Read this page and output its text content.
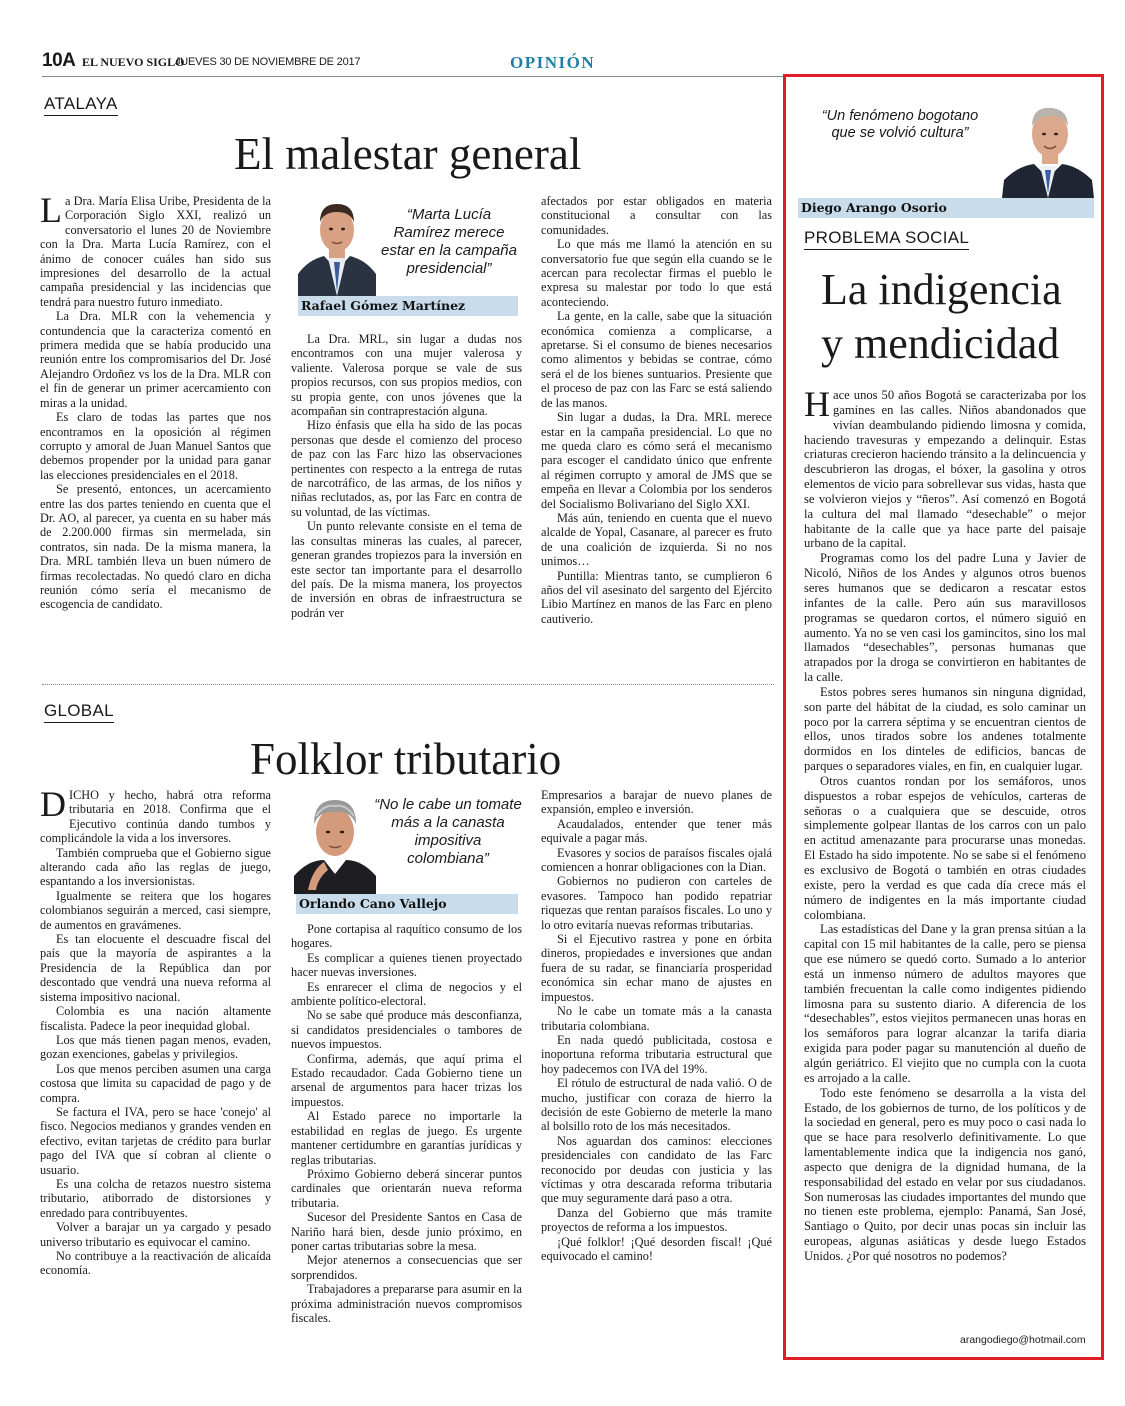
10A EL NUEVO SIGLO
JUEVES 30 DE NOVIEMBRE DE 2017	OPINIÓN
ATALAYA
El malestar general

La Dra. María Elisa Uribe, Presidenta de la Corporación Siglo XXI, realizó un conversatorio el lunes 20 de Noviembre con la Dra. Marta Lucía Ramírez, con el ánimo de conocer cuáles han sido sus impresiones del desarrollo de la actual campaña presidencial y las incidencias que tendrá para nuestro futuro inmediato.

La Dra. MLR con la vehemencia y contundencia que la caracteriza comentó en primera medida que se había producido una reunión entre los compromisarios del Dr. José Alejandro Ordoñez vs los de la Dra. MLR con el fin de generar un primer acercamiento con miras a la unidad.

Es claro de todas las partes que nos encontramos en la oposición al régimen corrupto y amoral de Juan Manuel Santos que debemos propender por la unidad para ganar las elecciones presidenciales en el 2018.

Se presentó, entonces, un acercamiento entre las dos partes teniendo en cuenta que el Dr. AO, al parecer, ya cuenta en su haber más de 2.200.000 firmas sin mermelada, sin contratos, sin nada. De la misma manera, la Dra. MRL también lleva un buen número de firmas recolectadas. No quedó claro en dicha reunión cómo sería el mecanismo de escogencia de candidato.

“Marta Lucía Ramírez merece estar en la campaña presidencial”
Rafael Gómez Martínez

La Dra. MRL, sin lugar a dudas nos encontramos con una mujer valerosa y valiente. Valerosa porque se vale de sus propios recursos, con sus propios medios, con su propia gente, con unos jóvenes que la acompañan sin contraprestación alguna.

Hizo énfasis que ella ha sido de las pocas personas que desde el comienzo del proceso de paz con las Farc hizo las observaciones pertinentes con respecto a la entrega de rutas de narcotráfico, de las armas, de los niños y niñas reclutados, as, por las Farc en contra de su voluntad, de las víctimas.

Un punto relevante consiste en el tema de las consultas mineras las cuales, al parecer, generan grandes tropiezos para la inversión en este sector tan importante para el desarrollo del país. De la misma manera, los proyectos de inversión en obras de infraestructura se podrán ver

afectados por estar obligados en materia constitucional a consultar con las comunidades.

Lo que más me llamó la atención en su conversatorio fue que según ella cuando se le acercan para recolectar firmas el pueblo le expresa su malestar por todo lo que está aconteciendo.

La gente, en la calle, sabe que la situación económica comienza a complicarse, a apretarse. Si el consumo de bienes necesarios como alimentos y bebidas se contrae, cómo será el de los bienes suntuarios. Presiente que el proceso de paz con las Farc se está saliendo de las manos.

Sin lugar a dudas, la Dra. MRL merece estar en la campaña presidencial. Lo que no me queda claro es cómo será el mecanismo para escoger el candidato único que enfrente al régimen corrupto y amoral de JMS que se empeña en llevar a Colombia por los senderos del Socialismo Bolivariano del Siglo XXI.

Más aún, teniendo en cuenta que el nuevo alcalde de Yopal, Casanare, al parecer es fruto de una coalición de izquierda. Si no nos unimos…

Puntilla: Mientras tanto, se cumplieron 6 años del vil asesinato del sargento del Ejército Libio Martínez en manos de las Farc en pleno cautiverio.

GLOBAL
Folklor tributario

DICHO y hecho, habrá otra reforma tributaria en 2018. Confirma que el Ejecutivo continúa dando tumbos y complicándole la vida a los inversores.

También comprueba que el Gobierno sigue alterando cada año las reglas de juego, espantando a los inversionistas.

Igualmente se reitera que los hogares colombianos seguirán a merced, casi siempre, de aumentos en gravámenes.

Es tan elocuente el descuadre fiscal del país que la mayoría de aspirantes a la Presidencia de la República dan por descontado que vendrá una nueva reforma al sistema impositivo nacional.

Colombia es una nación altamente fiscalista. Padece la peor inequidad global.

Los que más tienen pagan menos, evaden, gozan exenciones, gabelas y privilegios.

Los que menos perciben asumen una carga costosa que limita su capacidad de pago y de compra.

Se factura el IVA, pero se hace 'conejo' al fisco. Negocios medianos y grandes venden en efectivo, evitan tarjetas de crédito para burlar pago del IVA que sí cobran al cliente o usuario.

Es una colcha de retazos nuestro sistema tributario, atiborrado de distorsiones y enredado para contribuyentes.

Volver a barajar un ya cargado y pesado universo tributario es equivocar el camino.

No contribuye a la reactivación de alicaída economía.

“No le cabe un tomate más a la canasta impositiva colombiana”
Orlando Cano Vallejo

Pone cortapisa al raquítico consumo de los hogares.

Es complicar a quienes tienen proyectado hacer nuevas inversiones.

Es enrarecer el clima de negocios y el ambiente político-electoral.

No se sabe qué produce más desconfianza, si candidatos presidenciales o tambores de nuevos impuestos.

Confirma, además, que aquí prima el Estado recaudador. Cada Gobierno tiene un arsenal de argumentos para hacer trizas los impuestos.

Al Estado parece no importarle la estabilidad en reglas de juego. Es urgente mantener certidumbre en garantías jurídicas y reglas tributarias.

Próximo Gobierno deberá sincerar puntos cardinales que orientarán nueva reforma tributaria.

Sucesor del Presidente Santos en Casa de Nariño hará bien, desde junio próximo, en poner cartas tributarias sobre la mesa.

Mejor atenernos a consecuencias que ser sorprendidos.

Trabajadores a prepararse para asumir en la próxima administración nuevos compromisos fiscales.

Empresarios a barajar de nuevo planes de expansión, empleo e inversión.

Acaudalados, entender que tener más equivale a pagar más.

Evasores y socios de paraísos fiscales ojalá comiencen a honrar obligaciones con la Dian.

Gobiernos no pudieron con carteles de evasores. Tampoco han podido repatriar riquezas que rentan paraísos fiscales. Lo uno y lo otro evitaría nuevas reformas tributarias.

Si el Ejecutivo rastrea y pone en órbita dineros, propiedades e inversiones que andan fuera de su radar, se financiaría prosperidad económica sin echar mano de ajustes en impuestos.

No le cabe un tomate más a la canasta tributaria colombiana.

En nada quedó publicitada, costosa e inoportuna reforma tributaria estructural que hoy padecemos con IVA del 19%.

El rótulo de estructural de nada valió. O de mucho, justificar con coraza de hierro la decisión de este Gobierno de meterle la mano al bolsillo roto de los más necesitados.

Nos aguardan dos caminos: elecciones presidenciales con candidato de las Farc reconocido por deudas con justicia y las víctimas y otra descarada reforma tributaria que muy seguramente dará paso a otra.

Danza del Gobierno que más tramite proyectos de reforma a los impuestos.

¡Qué folklor! ¡Qué desorden fiscal! ¡Qué equivocado el camino!

“Un fenómeno bogotano que se volvió cultura”
Diego Arango Osorio
PROBLEMA SOCIAL
La indigencia
y mendicidad

Hace unos 50 años Bogotá se caracterizaba por los gamines en las calles. Niños abandonados que vivían deambulando pidiendo limosna y comida, haciendo travesuras y empezando a delinquir. Estas criaturas crecieron haciendo tránsito a la delincuencia y descubrieron las drogas, el bóxer, la gasolina y otros elementos de vicio para sobrellevar sus vidas, hasta que se volvieron viejos y “ñeros”. Así comenzó en Bogotá la cultura del mal llamado “desechable” o mejor habitante de la calle que ya hace parte del paisaje urbano de la capital.

Programas como los del padre Luna y Javier de Nicoló, Niños de los Andes y algunos otros buenos seres humanos que se dedicaron a rescatar estos infantes de la calle. Pero aún sus maravillosos programas se quedaron cortos, el número siguió en aumento. Ya no se ven casi los gamincitos, sino los mal llamados “desechables”, personas humanas que atrapados por la droga se convirtieron en habitantes de la calle.

Estos pobres seres humanos sin ninguna dignidad, son parte del hábitat de la ciudad, es solo caminar un poco por la carrera séptima y se encuentran cientos de ellos, unos tirados sobre los andenes totalmente dormidos en los dinteles de edificios, bancas de parques o separadores viales, en fin, en cualquier lugar.

Otros cuantos rondan por los semáforos, unos dispuestos a robar espejos de vehículos, carteras de señoras o a cualquiera que se descuide, otros simplemente golpear llantas de los carros con un palo en actitud amenazante para procurarse unas monedas. El Estado ha sido impotente. No se sabe si el fenómeno es exclusivo de Bogotá o también en otras ciudades existe, pero la verdad es que cada día crece más el número de indigentes en la más importante ciudad colombiana.

Las estadísticas del Dane y la gran prensa sitúan a la capital con 15 mil habitantes de la calle, pero se piensa que ese número se quedó corto. Sumado a lo anterior está un inmenso número de adultos mayores que también frecuentan la calle como indigentes pidiendo limosna para su sustento diario. A diferencia de los “desechables”, estos viejitos permanecen unas horas en los semáforos para lograr alcanzar la tarifa diaria exigida para poder pagar su manutención al dueño de algún geriátrico. El viejito que no cumpla con la cuota es arrojado a la calle.

Todo este fenómeno se desarrolla a la vista del Estado, de los gobiernos de turno, de los políticos y de la sociedad en general, pero es muy poco o casi nada lo que se hace para resolverlo definitivamente. Lo que lamentablemente indica que la indigencia nos ganó, aspecto que denigra de la dignidad humana, de la responsabilidad del estado en velar por sus ciudadanos. Son numerosas las ciudades importantes del mundo que no tienen este problema, ejemplo: Panamá, San José, Santiago o Quito, por decir unas pocas sin incluir las europeas, algunas asiáticas y desde luego Estados Unidos. ¿Por qué nosotros no podemos?

arangodiego@hotmail.com
